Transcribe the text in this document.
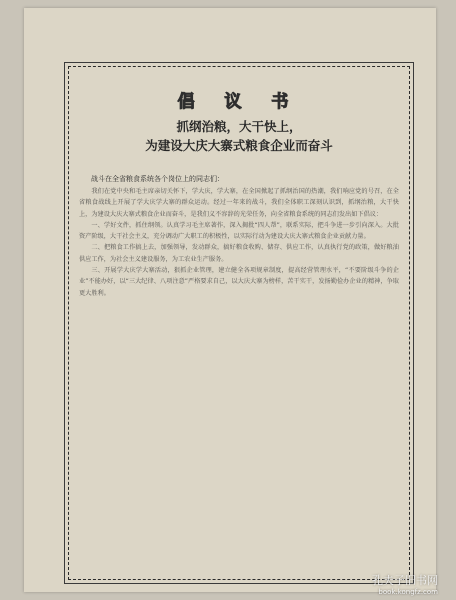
倡 议 书
抓纲治粮，大干快上，
为建设大庆大寨式粮食企业而奋斗
战斗在全省粮食系统各个岗位上的同志们：

我们在党中央和毛主席亲切关怀下，学大庆，学大寨，在全国掀起了抓纲治国的热潮，我们响应党的号召，在全省粮食战线上开展了学大庆学大寨的群众运动。经过一年来的战斗，我们全体职工深刻认识到，抓纲治粮，大干快上，为建设大庆大寨式粮食企业而奋斗，是我们义不容辞的光荣任务，向全省粮食系统的同志们发出如下倡议：

一、学好文件，抓住纲领。认真学习毛主席著作，深入揭批“四人帮”，联系实际，把斗争进一步引向深入。大批资产阶级，大干社会主义，充分调动广大职工的积极性，以实际行动为建设大庆大寨式粮食企业贡献力量。

二、把粮食工作搞上去，加强领导，发动群众，搞好粮食收购、储存、供应工作，认真执行党的政策，做好粮油供应工作，为社会主义建设服务，为工农业生产服务。

三、开展学大庆学大寨活动，狠抓企业管理，建立健全各项规章制度，提高经营管理水平，“不要阶级斗争的企业”不能办好，以“三大纪律、八项注意”严格要求自己，以大庆大寨为榜样，苦干实干，发扬勤俭办企业的精神，争取更大胜利。

孔夫子旧书网
book.kongfz.com
